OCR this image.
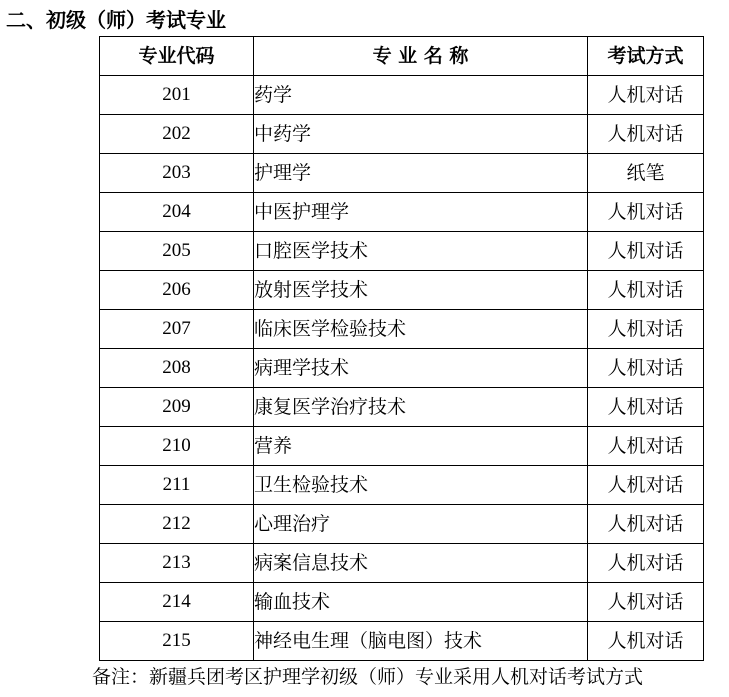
二、初级（师）考试专业
专业代码	专 业 名 称	考试方式
201	药学	人机对话
202	中药学	人机对话
203	护理学	纸笔
204	中医护理学	人机对话
205	口腔医学技术	人机对话
206	放射医学技术	人机对话
207	临床医学检验技术	人机对话
208	病理学技术	人机对话
209	康复医学治疗技术	人机对话
210	营养	人机对话
211	卫生检验技术	人机对话
212	心理治疗	人机对话
213	病案信息技术	人机对话
214	输血技术	人机对话
215	神经电生理（脑电图）技术	人机对话
备注：新疆兵团考区护理学初级（师）专业采用人机对话考试方式
